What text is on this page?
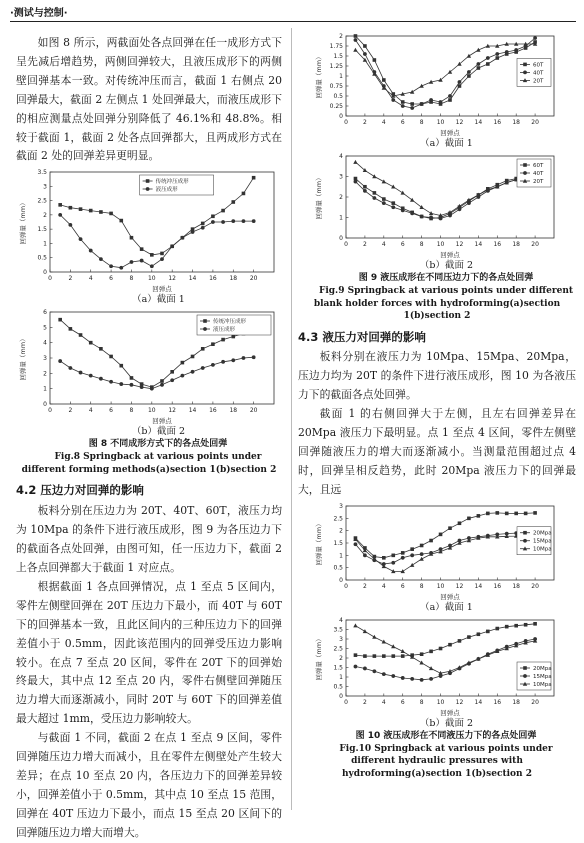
·测试与控制·

如图 8 所示，两截面处各点回弹在任一成形方式下呈先减后增趋势，两侧回弹较大，且液压成形下的两侧壁回弹基本一致。对传统冲压而言，截面 1 右侧点 20 回弹最大，截面 2 左侧点 1 处回弹最大，而液压成形下的相应测量点处回弹分别降低了 46.1%和 48.8%。相较于截面 1，截面 2 处各点回弹都大，且两成形方式在截面 2 处的回弹差异更明显。

0	2	4	6	8 10 12 14 16 18 20
0
0.5
1
1.5
2
2.5
3
3.5
回弹点
回弹量（mm）
传统冲压成形
液压成形

（a）截面 1

0	2	4	6	8 10 12 14 16 18 20
0
1
2
3
4
5
6
回弹点
回弹量（mm）
传统冲压成形
液压成形

（b）截面 2

图 8 不同成形方式下的各点处回弹

Fig.8 Springback at various points under different forming methods(a)section 1(b)section 2

4.2 压边力对回弹的影响

板料分别在压边力为 20T、40T、60T，液压力均为 10Mpa 的条件下进行液压成形，图 9 为各压边力下的截面各点处回弹，由图可知，任一压边力下，截面 2 上各点回弹都大于截面 1 对应点。

根据截面 1 各点回弹情况，点 1 至点 5 区间内，零件左侧壁回弹在 20T 压边力下最小，而 40T 与 60T 下的回弹基本一致，且此区间内的三种压边力下的回弹差值小于 0.5mm，因此该范围内的回弹受压边力影响较小。在点 7 至点 20 区间，零件在 20T 下的回弹始终最大，其中点 12 至点 20 内，零件右侧壁回弹随压边力增大而逐渐减小，同时 20T 与 60T 下的回弹差值最大超过 1mm，受压边力影响较大。

与截面 1 不同，截面 2 在点 1 至点 9 区间，零件回弹随压边力增大而减小，且在零件左侧壁处产生较大差异；在点 10 至点 20 内，各压边力下的回弹差异较小，回弹差值小于 0.5mm，其中点 10 至点 15 范围，回弹在 40T 压边力下最小，而点 15 至点 20 区间下的回弹随压边力增大而增大。

0	2	4	6	8 10 12 14 16 18 20
0
0.25
0.5
0.75
1
1.25
1.5
1.75
2
回弹点
回弹量（mm）	60T
40T
20T

（a）截面 1

0	2	4	6	8 10 12 14 16 18 20
0
1
2
3
4
回弹点
回弹量（mm）
60T
40T
20T

（b）截面 2

图 9 液压成形在不同压边力下的各点处回弹

Fig.9 Springback at various points under different blank holder forces with hydroforming(a)section 1(b)section 2

4.3 液压力对回弹的影响

板料分别在液压力为 10Mpa、15Mpa、20Mpa，压边力均为 20T 的条件下进行液压成形，图 10 为各液压力下的截面各点处回弹。

截面 1 的右侧回弹大于左侧，且左右回弹差异在 20Mpa 液压力下最明显。点 1 至点 4 区间，零件左侧壁回弹随液压力的增大而逐渐减小。当测量范围超过点 4 时，回弹呈相反趋势，此时 20Mpa 液压力下的回弹最大，且远

0	2	4	6	8 10 12 14 16 18 20
0
0.5
1
1.5
2
2.5
3
回弹点
回弹量（mm）	20Mpa
15Mpa
10Mpa

（a）截面 1

0	2	4	6	8 10 12 14 16 18 20
0
0.5
1
1.5
2
2.5
3
3.5
4
回弹点
回弹量（mm）	20Mpa
15Mpa
10Mpa

（b）截面 2

图 10 液压成形在不同液压力下的各点处回弹

Fig.10 Springback at various points under different hydraulic pressures with hydroforming(a)section 1(b)section 2
